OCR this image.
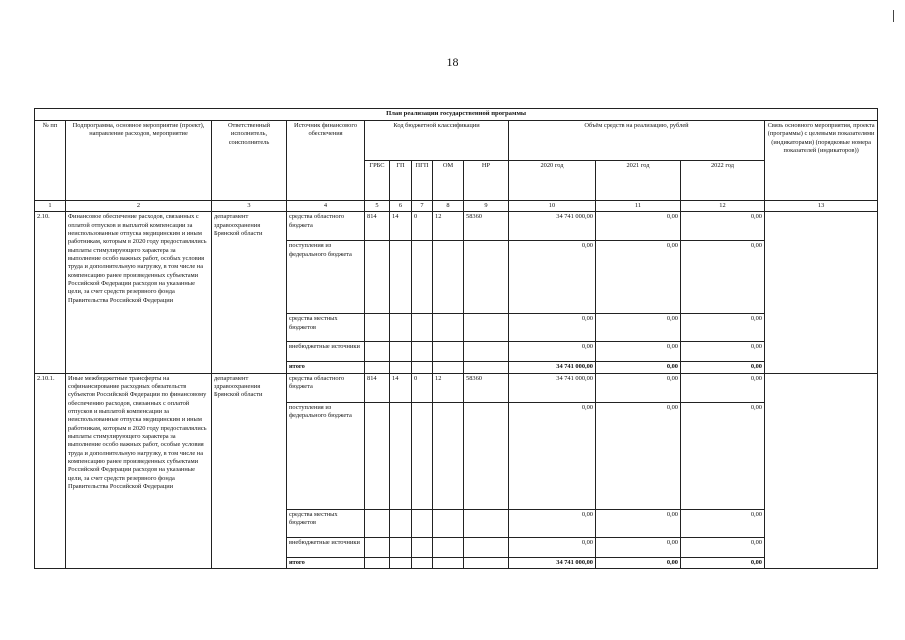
18
План реализации государственной программы												
№ пп	Подпрограмма, основное мероприятие (проект), направление расходов, мероприятие	Ответственный исполнитель, соисполнитель	Источник финансового обеспечения	Код бюджетной классификации					Объём средств на реализацию, рублей			Связь основного мероприятия, проекта (программы) с целевыми показателями (индикаторами) (порядковые номера показателей (индикаторов))
				ГРБС	ГП	ПГП	ОМ	НР	2020 год	2021 год	2022 год	
1	2	3	4	5	6	7	8	9	10	11	12	13
2.10.	Финансовое обеспечение расходов, связанных с оплатой отпусков и выплатой компенсации за неиспользованные отпуска медицинским и иным работникам, которым в 2020 году предоставлялись выплаты стимулирующего характера за выполнение особо важных работ, особых условия труда и дополнительную нагрузку, в том числе на компенсацию ранее произведенных субъектами Российской Федерации расходов на указанные цели, за счет средств резервного фонда Правительства Российской Федерации	департамент здравоохранения Брянской области	средства областного бюджета	814	14	0	12	58360	34 741 000,00	0,00	0,00	
			поступления из федерального бюджета						0,00	0,00	0,00	
			средства местных бюджетов						0,00	0,00	0,00	
			внебюджетные источники						0,00	0,00	0,00	
			итого						34 741 000,00	0,00	0,00	
2.10.1.	Иные межбюджетные трансферты на софинансирование расходных обязательств субъектов Российской Федерации по финансовому обеспечению расходов, связанных с оплатой отпусков и выплатой компенсации за неиспользованные отпуска медицинским и иным работникам, которым в 2020 году предоставлялись выплаты стимулирующего характера за выполнение особо важных работ, особые условия труда и дополнительную нагрузку, в том числе на компенсацию ранее произведенных субъектами Российской Федерации расходов на указанные цели, за счет средств резервного фонда Правительства Российской Федерации	департамент здравоохранения Брянской области	средства областного бюджета	814	14	0	12	58360	34 741 000,00	0,00	0,00	
			поступления из федерального бюджета						0,00	0,00	0,00	
			средства местных бюджетов						0,00	0,00	0,00	
			внебюджетные источники						0,00	0,00	0,00	
			итого						34 741 000,00	0,00	0,00	
